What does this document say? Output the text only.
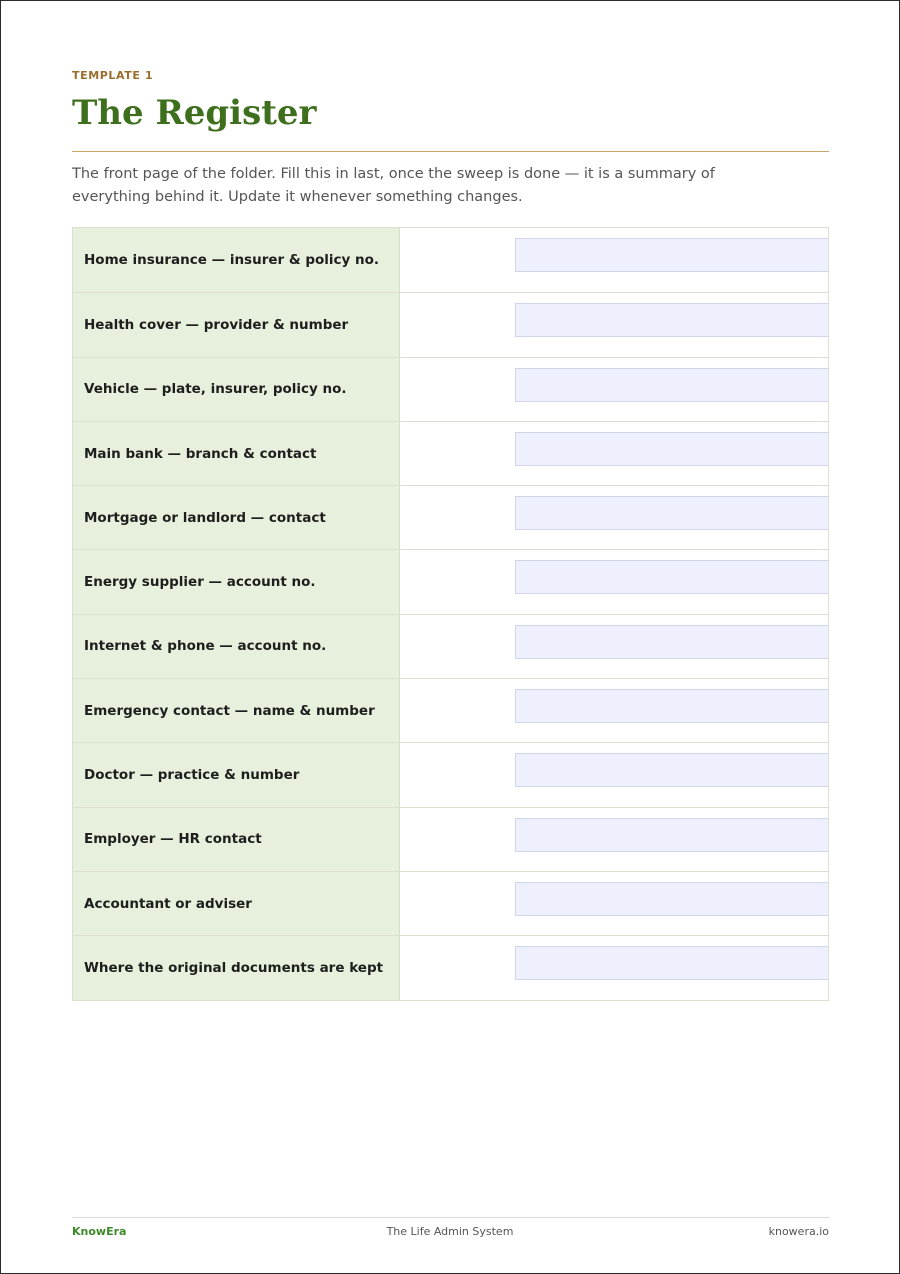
TEMPLATE 1
The Register

The front page of the folder. Fill this in last, once the sweep is done — it is a summary of everything behind it. Update it whenever something changes.

Home insurance — insurer & policy no.
Health cover — provider & number
Vehicle — plate, insurer, policy no.
Main bank — branch & contact
Mortgage or landlord — contact
Energy supplier — account no.
Internet & phone — account no.
Emergency contact — name & number
Doctor — practice & number
Employer — HR contact
Accountant or adviser
Where the original documents are kept
The Life Admin System
KnowEra	knowera.io
